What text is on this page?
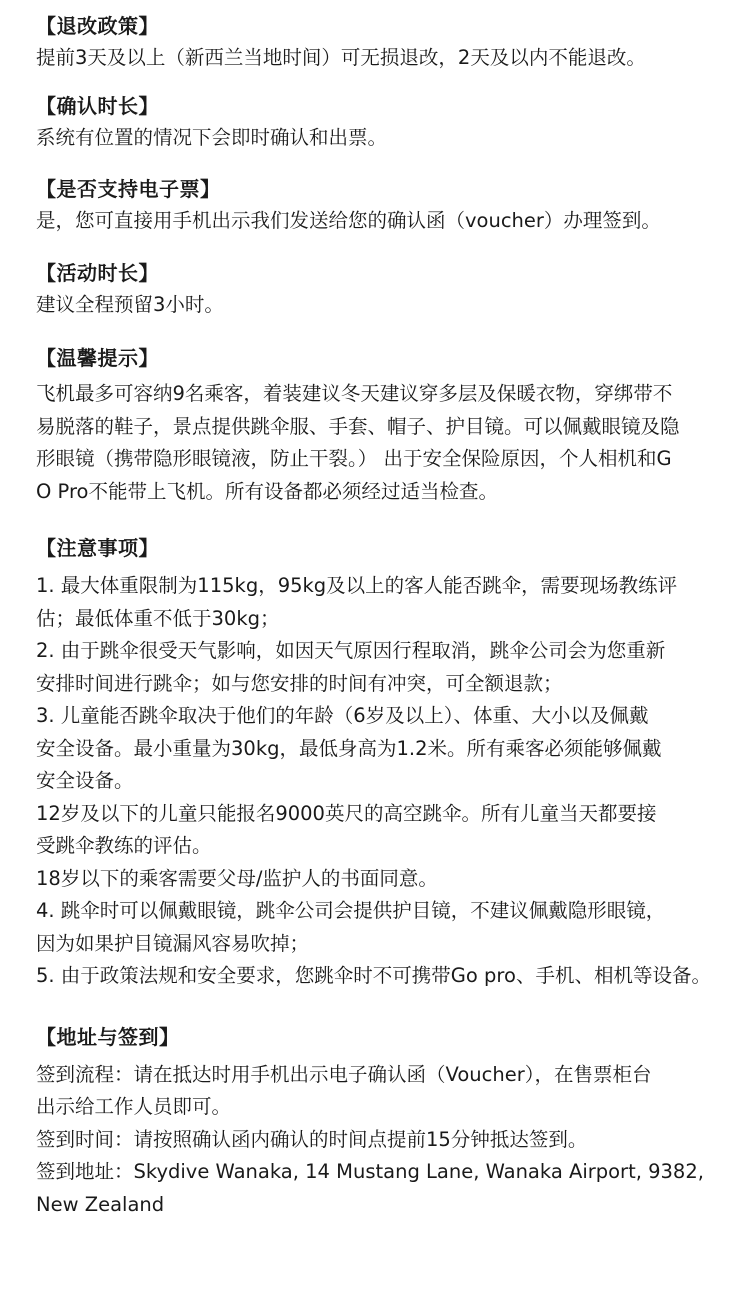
【退改政策】

提前3天及以上（新西兰当地时间）可无损退改，2天及以内不能退改。

【确认时长】

系统有位置的情况下会即时确认和出票。

【是否支持电子票】

是，您可直接用手机出示我们发送给您的确认函（voucher）办理签到。

【活动时长】

建议全程预留3小时。

【温馨提示】

飞机最多可容纳9名乘客，着装建议冬天建议穿多层及保暖衣物，穿绑带不
易脱落的鞋子，景点提供跳伞服、手套、帽子、护目镜。可以佩戴眼镜及隐
形眼镜（携带隐形眼镜液，防止干裂。） 出于安全保险原因，个人相机和G
O Pro不能带上飞机。所有设备都必须经过适当检查。

【注意事项】

1. 最大体重限制为115kg，95kg及以上的客人能否跳伞，需要现场教练评
估；最低体重不低于30kg；
2. 由于跳伞很受天气影响，如因天气原因行程取消，跳伞公司会为您重新
安排时间进行跳伞；如与您安排的时间有冲突，可全额退款；
3. 儿童能否跳伞取决于他们的年龄（6岁及以上）、体重、大小以及佩戴
安全设备。最小重量为30kg，最低身高为1.2米。所有乘客必须能够佩戴
安全设备。
12岁及以下的儿童只能报名9000英尺的高空跳伞。所有儿童当天都要接
受跳伞教练的评估。
18岁以下的乘客需要父母/监护人的书面同意。
4. 跳伞时可以佩戴眼镜，跳伞公司会提供护目镜，不建议佩戴隐形眼镜，
因为如果护目镜漏风容易吹掉；
5. 由于政策法规和安全要求，您跳伞时不可携带Go pro、手机、相机等设备。

【地址与签到】

签到流程：请在抵达时用手机出示电子确认函（Voucher），在售票柜台
出示给工作人员即可。
签到时间：请按照确认函内确认的时间点提前15分钟抵达签到。
签到地址：Skydive Wanaka, 14 Mustang Lane, Wanaka Airport, 9382,
New Zealand
